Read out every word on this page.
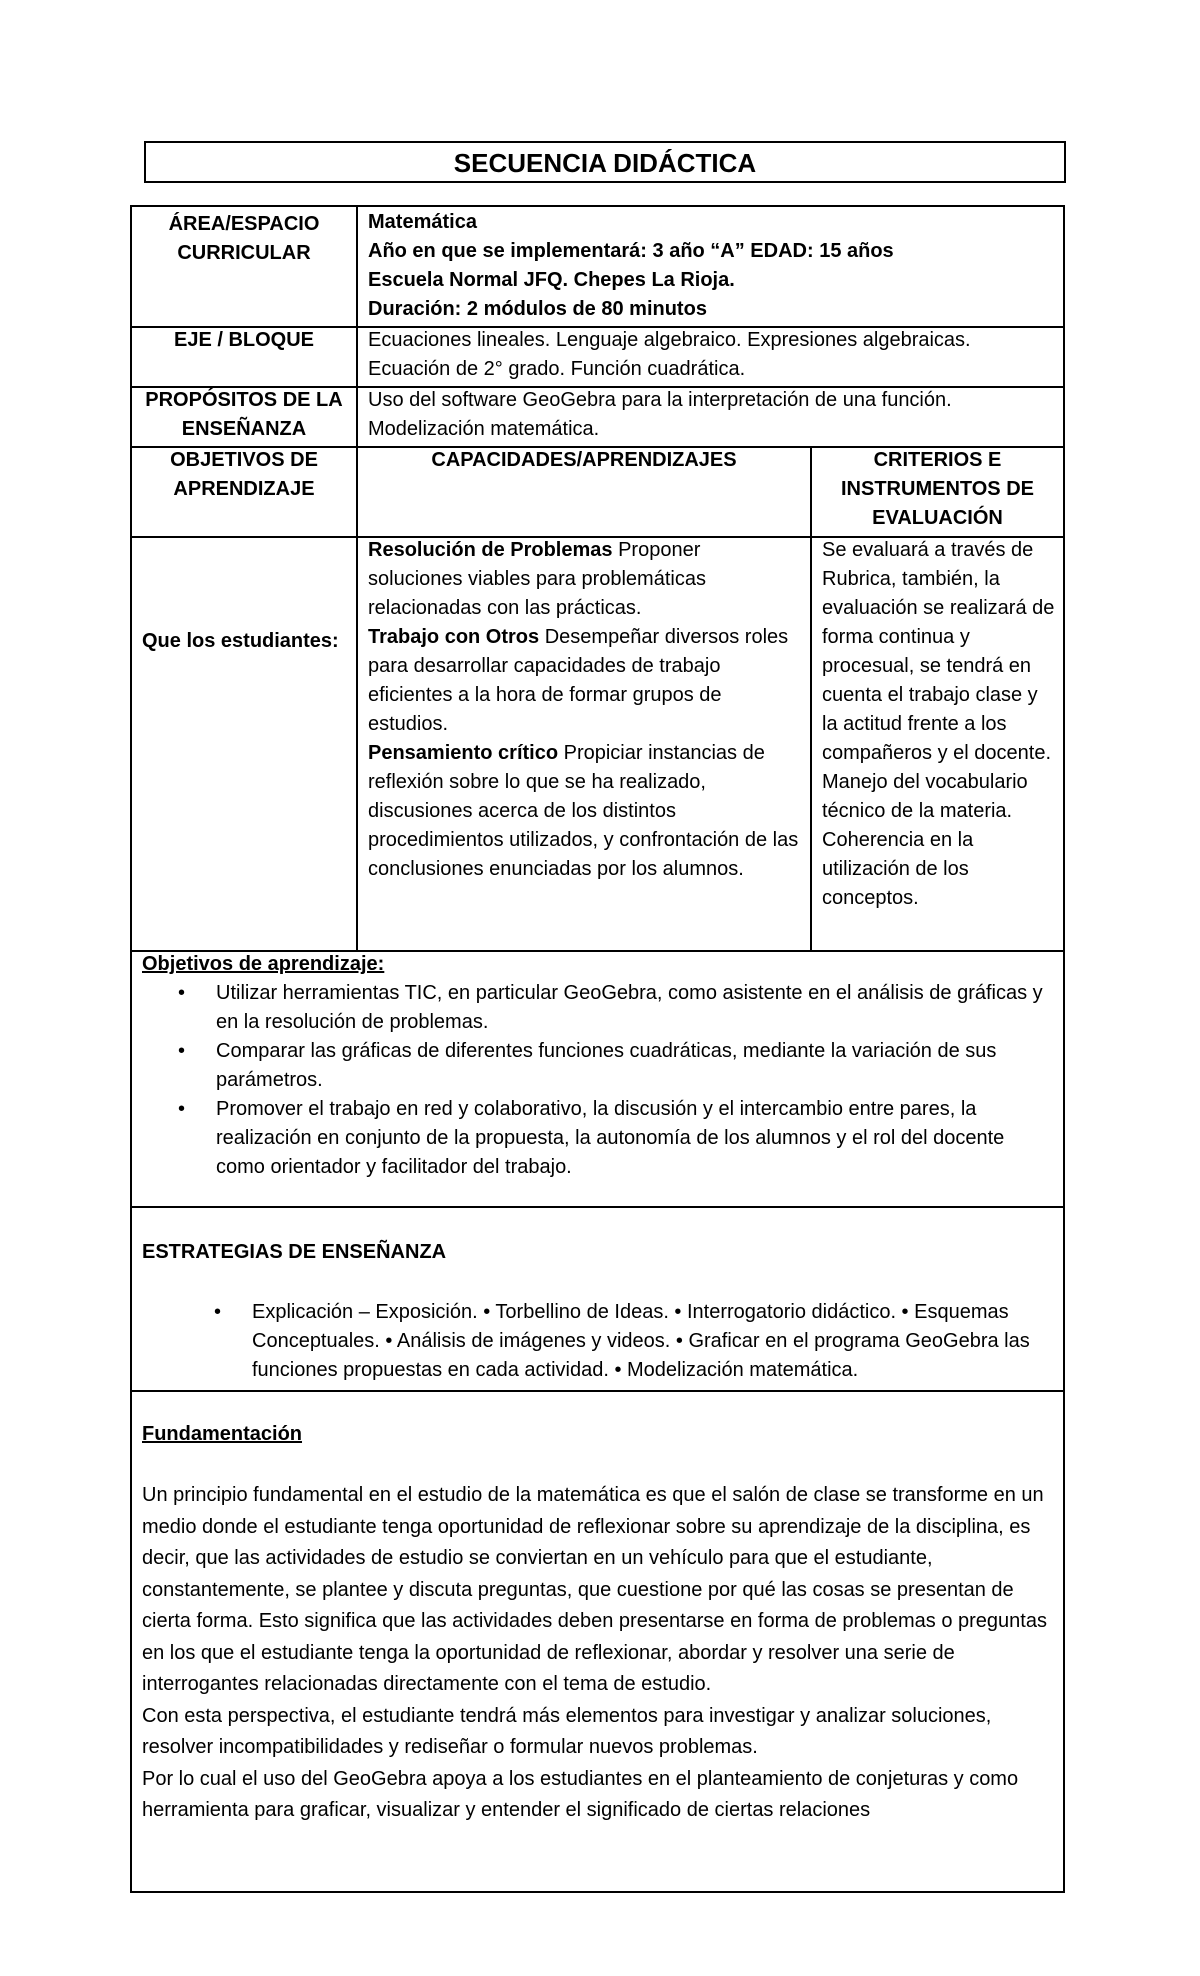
SECUENCIA DIDÁCTICA
ÁREA/ESPACIO CURRICULAR
Matemática
Año en que se implementará: 3 año “A” EDAD: 15 años
Escuela Normal JFQ. Chepes La Rioja.
Duración: 2 módulos de 80 minutos
EJE / BLOQUE	Ecuaciones lineales. Lenguaje algebraico. Expresiones algebraicas. Ecuación de 2° grado. Función cuadrática.
PROPÓSITOS DE LA ENSEÑANZA
Uso del software GeoGebra para la interpretación de una función. Modelización matemática.
OBJETIVOS DE APRENDIZAJE
CAPACIDADES/APRENDIZAJES	CRITERIOS E INSTRUMENTOS DE EVALUACIÓN
Que los estudiantes:
Resolución de Problemas Proponer soluciones viables para problemáticas relacionadas con las prácticas.
Trabajo con Otros Desempeñar diversos roles para desarrollar capacidades de trabajo eficientes a la hora de formar grupos de estudios.
Pensamiento crítico Propiciar instancias de reflexión sobre lo que se ha realizado, discusiones acerca de los distintos procedimientos utilizados, y confrontación de las conclusiones enunciadas por los alumnos.
Se evaluará a través de Rubrica, también, la evaluación se realizará de forma continua y procesual, se tendrá en cuenta el trabajo clase y la actitud frente a los compañeros y el docente. Manejo del vocabulario técnico de la materia. Coherencia en la utilización de los conceptos.
Objetivos de aprendizaje:
• Utilizar herramientas TIC, en particular GeoGebra, como asistente en el análisis de gráficas y en la resolución de problemas.
• Comparar las gráficas de diferentes funciones cuadráticas, mediante la variación de sus parámetros.
• Promover el trabajo en red y colaborativo, la discusión y el intercambio entre pares, la realización en conjunto de la propuesta, la autonomía de los alumnos y el rol del docente como orientador y facilitador del trabajo.
ESTRATEGIAS DE ENSEÑANZA
• Explicación – Exposición. • Torbellino de Ideas. • Interrogatorio didáctico. • Esquemas Conceptuales. • Análisis de imágenes y videos. • Graficar en el programa GeoGebra las funciones propuestas en cada actividad. • Modelización matemática.
Fundamentación
Un principio fundamental en el estudio de la matemática es que el salón de clase se transforme en un medio donde el estudiante tenga oportunidad de reflexionar sobre su aprendizaje de la disciplina, es decir, que las actividades de estudio se conviertan en un vehículo para que el estudiante, constantemente, se plantee y discuta preguntas, que cuestione por qué las cosas se presentan de cierta forma. Esto significa que las actividades deben presentarse en forma de problemas o preguntas en los que el estudiante tenga la oportunidad de reflexionar, abordar y resolver una serie de interrogantes relacionadas directamente con el tema de estudio.
Con esta perspectiva, el estudiante tendrá más elementos para investigar y analizar soluciones, resolver incompatibilidades y rediseñar o formular nuevos problemas.
Por lo cual el uso del GeoGebra apoya a los estudiantes en el planteamiento de conjeturas y como herramienta para graficar, visualizar y entender el significado de ciertas relaciones
